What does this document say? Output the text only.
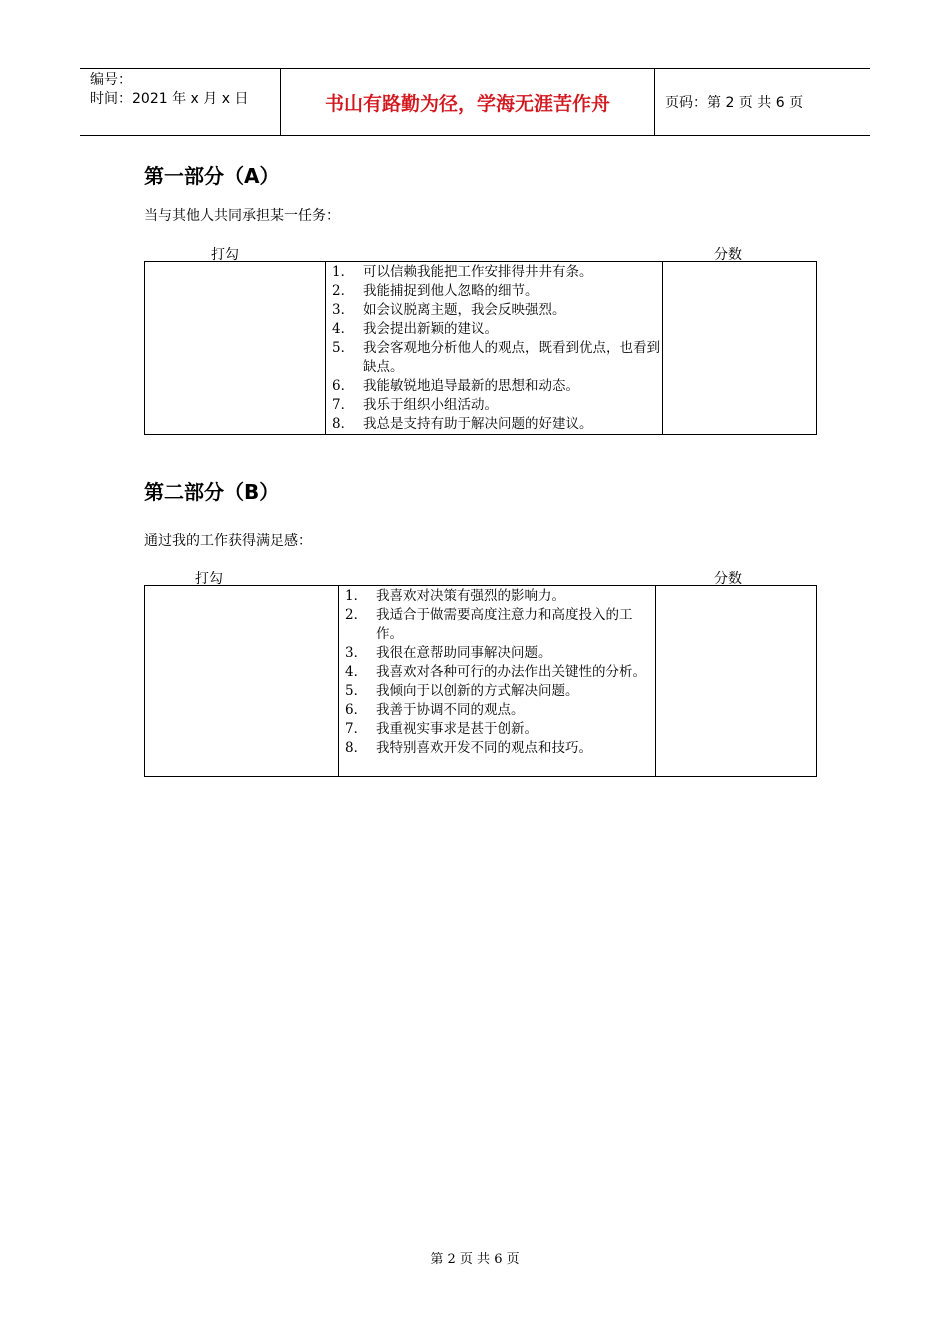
编号：
时间：2021 年 x 月 x 日	书山有路勤为径，学海无涯苦作舟	页码：第 2 页 共 6 页
第一部分（A）
当与其他人共同承担某一任务：
打勾	分数

1． 可以信赖我能把工作安排得井井有条。
2． 我能捕捉到他人忽略的细节。
3． 如会议脱离主题，我会反映强烈。
4． 我会提出新颖的建议。
5． 我会客观地分析他人的观点，既看到优点，也看到缺点。
6． 我能敏锐地追导最新的思想和动态。
7． 我乐于组织小组活动。
8． 我总是支持有助于解决问题的好建议。

第二部分（B）
通过我的工作获得满足感：
打勾	分数

1． 我喜欢对决策有强烈的影响力。
2． 我适合于做需要高度注意力和高度投入的工作。
3． 我很在意帮助同事解决问题。
4． 我喜欢对各种可行的办法作出关键性的分析。
5． 我倾向于以创新的方式解决问题。
6． 我善于协调不同的观点。
7． 我重视实事求是甚于创新。
8． 我特别喜欢开发不同的观点和技巧。

第 2 页 共 6 页
